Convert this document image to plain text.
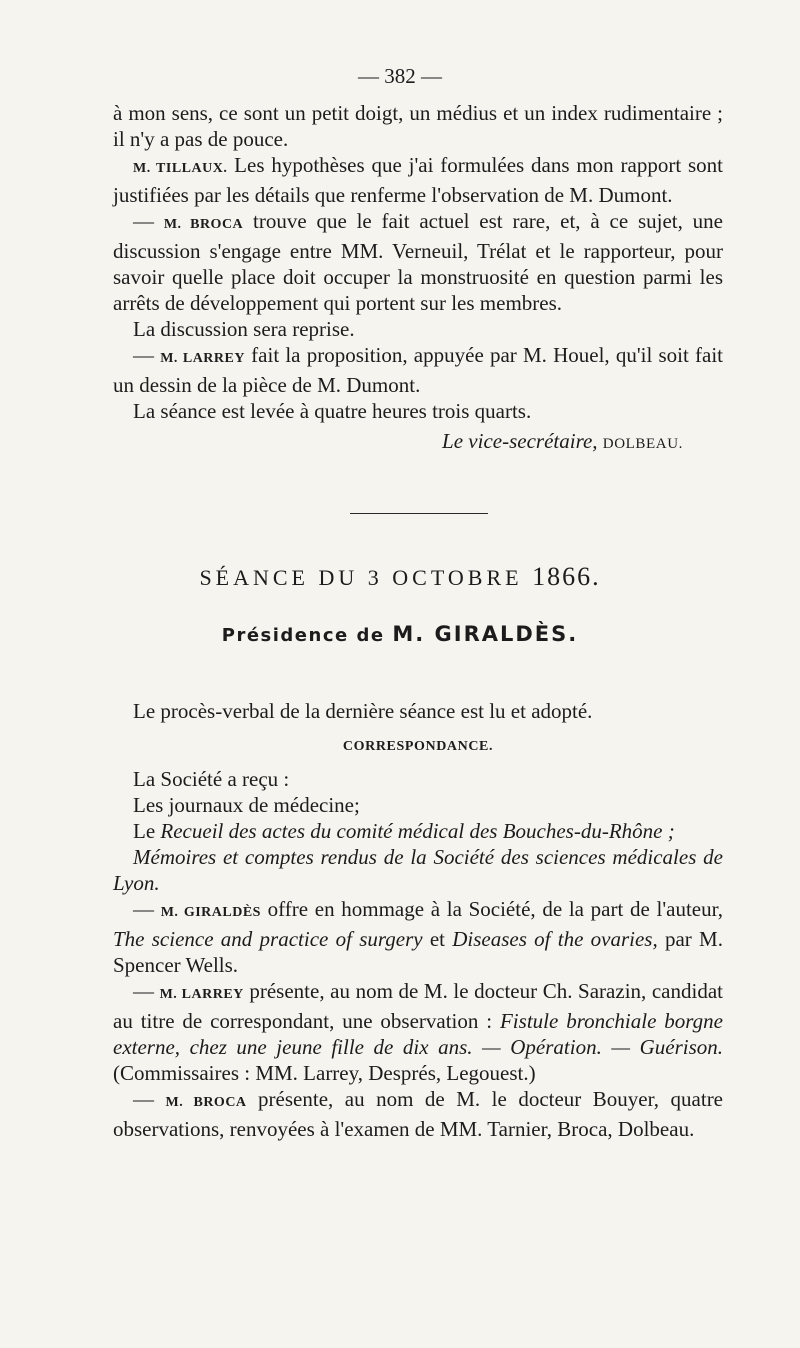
— 382 —

à mon sens, ce sont un petit doigt, un médius et un index rudimentaire ; il n'y a pas de pouce.

M. TILLAUX. Les hypothèses que j'ai formulées dans mon rapport sont justifiées par les détails que renferme l'observation de M. Dumont.

— M. BROCA trouve que le fait actuel est rare, et, à ce sujet, une discussion s'engage entre MM. Verneuil, Trélat et le rapporteur, pour savoir quelle place doit occuper la monstruosité en question parmi les arrêts de développement qui portent sur les membres.

La discussion sera reprise.

— M. LARREY fait la proposition, appuyée par M. Houel, qu'il soit fait un dessin de la pièce de M. Dumont.

La séance est levée à quatre heures trois quarts.

Le vice-secrétaire, DOLBEAU.

SÉANCE DU 3 OCTOBRE 1866.
Présidence de M. GIRALDÈS.

Le procès-verbal de la dernière séance est lu et adopté.

CORRESPONDANCE.

La Société a reçu :

Les journaux de médecine;

Le Recueil des actes du comité médical des Bouches-du-Rhône ;

Mémoires et comptes rendus de la Société des sciences médicales de Lyon.

— M. GIRALDÈS offre en hommage à la Société, de la part de l'auteur, The science and practice of surgery et Diseases of the ovaries, par M. Spencer Wells.

— M. LARREY présente, au nom de M. le docteur Ch. Sarazin, candidat au titre de correspondant, une observation : Fistule bronchiale borgne externe, chez une jeune fille de dix ans. — Opération. — Guérison. (Commissaires : MM. Larrey, Després, Legouest.)

— M. BROCA présente, au nom de M. le docteur Bouyer, quatre observations, renvoyées à l'examen de MM. Tarnier, Broca, Dolbeau.
